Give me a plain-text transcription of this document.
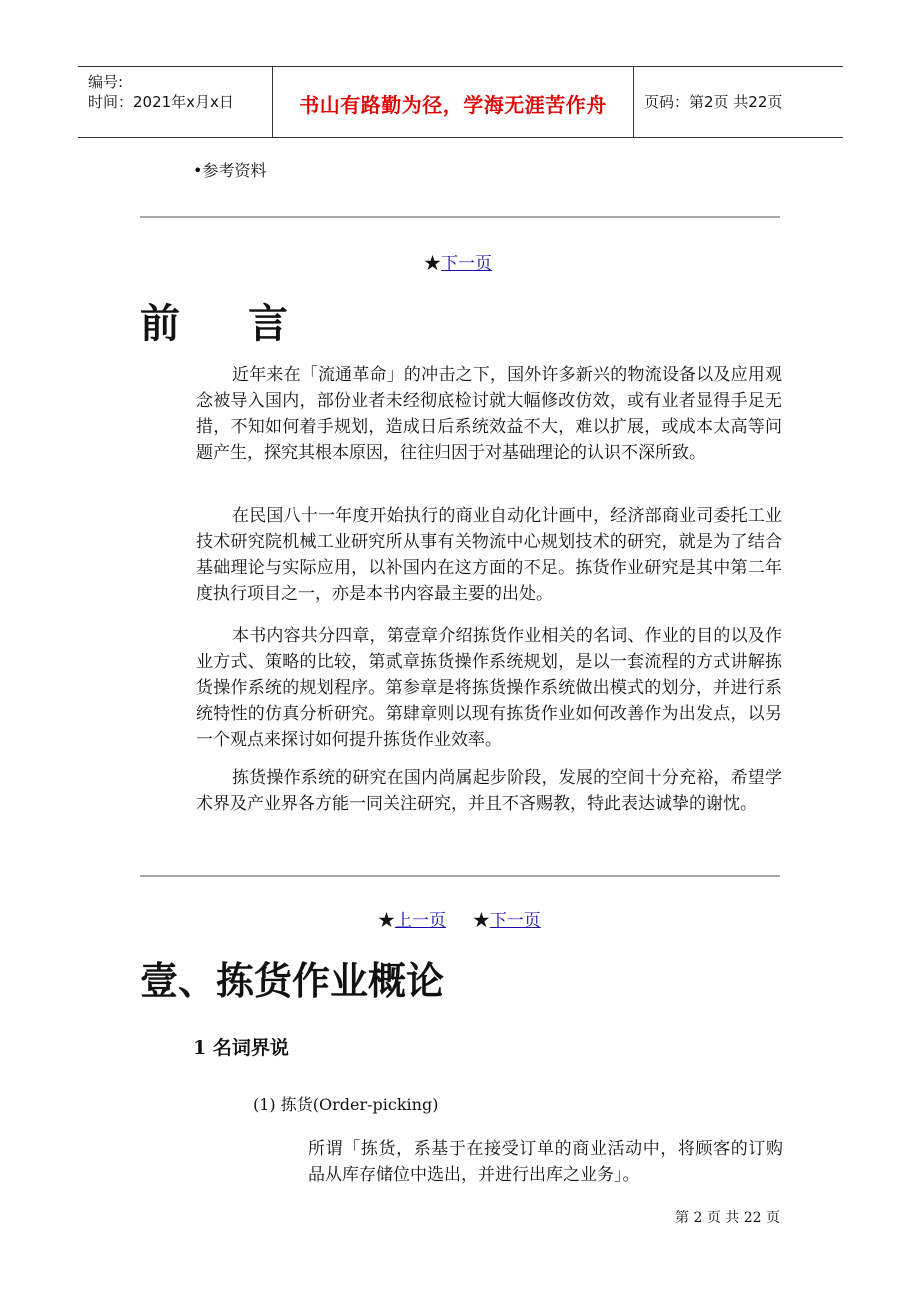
编号:
时间：2021年x月x日	书山有路勤为径，学海无涯苦作舟	页码：第2页 共22页
•参考资料
★下一页
前 言
近年来在「流通革命」的冲击之下，国外许多新兴的物流设备以及应用观念被导入国内，部份业者未经彻底检讨就大幅修改仿效，或有业者显得手足无措，不知如何着手规划，造成日后系统效益不大，难以扩展，或成本太高等问题产生，探究其根本原因，往往归因于对基础理论的认识不深所致。
在民国八十一年度开始执行的商业自动化计画中，经济部商业司委托工业技术研究院机械工业研究所从事有关物流中心规划技术的研究，就是为了结合基础理论与实际应用，以补国内在这方面的不足。拣货作业研究是其中第二年度执行项目之一，亦是本书内容最主要的出处。
本书内容共分四章，第壹章介绍拣货作业相关的名词、作业的目的以及作业方式、策略的比较，第贰章拣货操作系统规划，是以一套流程的方式讲解拣货操作系统的规划程序。第参章是将拣货操作系统做出模式的划分，并进行系统特性的仿真分析研究。第肆章则以现有拣货作业如何改善作为出发点，以另一个观点来探讨如何提升拣货作业效率。
拣货操作系统的研究在国内尚属起步阶段，发展的空间十分充裕，希望学术界及产业界各方能一同关注研究，并且不吝赐教，特此表达诚挚的谢忱。
★上一页 ★下一页
壹、拣货作业概论
1 名词界说
(1) 拣货(Order-picking)
所谓「拣货，系基于在接受订单的商业活动中，将顾客的订购品从库存储位中选出，并进行出库之业务」。
第 2 页 共 22 页
